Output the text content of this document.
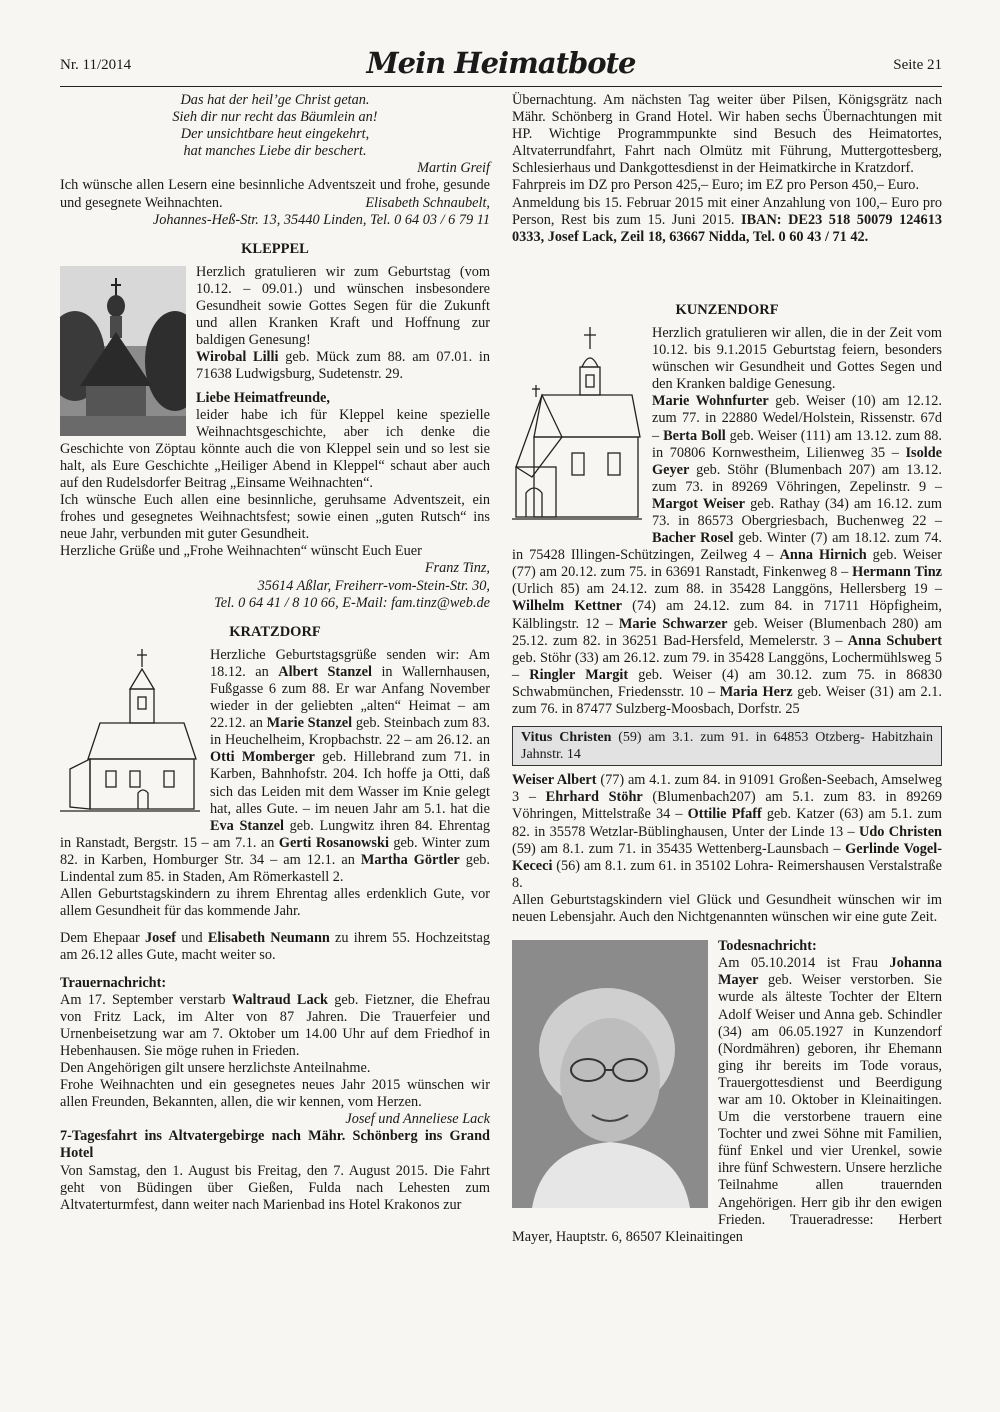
Nr. 11/2014	Mein Heimatbote	Seite 21

Das hat der heil’ge Christ getan.

Sieh dir nur recht das Bäumlein an!

Der unsichtbare heut eingekehrt,

hat manches Liebe dir beschert.

Martin Greif

Ich wünsche allen Lesern eine besinnliche Adventszeit und frohe, gesunde und gesegnete Weihnachten.	Elisabeth Schnaubelt,

Johannes-Heß-Str. 13, 35440 Linden, Tel. 0 64 03 / 6 79 11

KLEPPEL

Herzlich gratulieren wir zum Geburtstag (vom 10.12. – 09.01.) und wünschen insbesondere Gesundheit sowie Gottes Segen für die Zukunft und allen Kranken Kraft und Hoffnung zur baldigen Genesung!

Wirobal Lilli geb. Mück zum 88. am 07.01. in 71638 Ludwigsburg, Sudetenstr. 29.

Liebe Heimatfreunde,

leider habe ich für Kleppel keine spezielle Weihnachtsgeschichte, aber ich denke die Geschichte von Zöptau könnte auch die von Kleppel sein und so lest sie halt, als Eure Geschichte „Heiliger Abend in Kleppel“ schaut aber auch auf den Rudelsdorfer Beitrag „Einsame Weihnachten“.

Ich wünsche Euch allen eine besinnliche, geruhsame Adventszeit, ein frohes und gesegnetes Weihnachtsfest; sowie einen „guten Rutsch“ ins neue Jahr, verbunden mit guter Gesundheit.

Herzliche Grüße und „Frohe Weihnachten“ wünscht Euch Euer

Franz Tinz,

35614 Aßlar, Freiherr-vom-Stein-Str. 30,

Tel. 0 64 41 / 8 10 66, E-Mail: fam.tinz@web.de

KRATZDORF

Herzliche Geburtstagsgrüße senden wir: Am 18.12. an Albert Stanzel in Wallernhausen, Fußgasse 6 zum 88. Er war Anfang November wieder in der geliebten „alten“ Heimat – am 22.12. an Marie Stanzel geb. Steinbach zum 83. in Heuchelheim, Kropbachstr. 22 – am 26.12. an Otti Momberger geb. Hillebrand zum 71. in Karben, Bahnhofstr. 204. Ich hoffe ja Otti, daß sich das Leiden mit dem Wasser im Knie gelegt hat, alles Gute. – im neuen Jahr am 5.1. hat die Eva Stanzel geb. Lungwitz ihren 84. Ehrentag in Ranstadt, Bergstr. 15 – am 7.1. an Gerti Rosanowski geb. Winter zum 82. in Karben, Homburger Str. 34 – am 12.1. an Martha Görtler geb. Lindental zum 85. in Staden, Am Römerkastell 2.

Allen Geburtstagskindern zu ihrem Ehrentag alles erdenklich Gute, vor allem Gesundheit für das kommende Jahr.

Dem Ehepaar Josef und Elisabeth Neumann zu ihrem 55. Hochzeitstag am 26.12 alles Gute, macht weiter so.

Trauernachricht:

Am 17. September verstarb Waltraud Lack geb. Fietzner, die Ehefrau von Fritz Lack, im Alter von 87 Jahren. Die Trauerfeier und Urnenbeisetzung war am 7. Oktober um 14.00 Uhr auf dem Friedhof in Hebenhausen. Sie möge ruhen in Frieden.

Den Angehörigen gilt unsere herzlichste Anteilnahme.

Frohe Weihnachten und ein gesegnetes neues Jahr 2015 wünschen wir allen Freunden, Bekannten, allen, die wir kennen, vom Herzen.

Josef und Anneliese Lack

7-Tagesfahrt ins Altvatergebirge nach Mähr. Schönberg ins Grand Hotel

Von Samstag, den 1. August bis Freitag, den 7. August 2015. Die Fahrt geht von Büdingen über Gießen, Fulda nach Lehesten zum Altvaterturmfest, dann weiter nach Marienbad ins Hotel Krakonos zur

Übernachtung. Am nächsten Tag weiter über Pilsen, Königsgrätz nach Mähr. Schönberg in Grand Hotel. Wir haben sechs Übernachtungen mit HP. Wichtige Programmpunkte sind Besuch des Heimatortes, Altvaterrundfahrt, Fahrt nach Olmütz mit Führung, Muttergottesberg, Schlesierhaus und Dankgottesdienst in der Heimatkirche in Kratzdorf.

Fahrpreis im DZ pro Person 425,– Euro; im EZ pro Person 450,– Euro.

Anmeldung bis 15. Februar 2015 mit einer Anzahlung von 100,– Euro pro Person, Rest bis zum 15. Juni 2015. IBAN: DE23 518 50079 124613 0333, Josef Lack, Zeil 18, 63667 Nidda, Tel. 0 60 43 / 71 42.

KUNZENDORF

Herzlich gratulieren wir allen, die in der Zeit vom 10.12. bis 9.1.2015 Geburtstag feiern, besonders wünschen wir Gesundheit und Gottes Segen und den Kranken baldige Genesung.

Marie Wohnfurter geb. Weiser (10) am 12.12. zum 77. in 22880 Wedel/Holstein, Rissenstr. 67d – Berta Boll geb. Weiser (111) am 13.12. zum 88. in 70806 Kornwestheim, Lilienweg 35 – Isolde Geyer geb. Stöhr (Blumenbach 207) am 13.12. zum 73. in 89269 Vöhringen, Zepelinstr. 9 – Margot Weiser geb. Rathay (34) am 16.12. zum 73. in 86573 Obergriesbach, Buchenweg 22 – Bacher Rosel geb. Winter (7) am 18.12. zum 74. in 75428 Illingen-Schützingen, Zeilweg 4 – Anna Hirnich geb. Weiser (77) am 20.12. zum 75. in 63691 Ranstadt, Finkenweg 8 – Hermann Tinz (Urlich 85) am 24.12. zum 88. in 35428 Langgöns, Hellersberg 19 – Wilhelm Kettner (74) am 24.12. zum 84. in 71711 Höpfigheim, Kälblingstr. 12 – Marie Schwarzer geb. Weiser (Blumenbach 280) am 25.12. zum 82. in 36251 Bad-Hersfeld, Memelerstr. 3 – Anna Schubert geb. Stöhr (33) am 26.12. zum 79. in 35428 Langgöns, Lochermühlsweg 5 – Ringler Margit geb. Weiser (4) am 30.12. zum 75. in 86830 Schwabmünchen, Friedensstr. 10 – Maria Herz geb. Weiser (31) am 2.1. zum 76. in 87477 Sulzberg-Moosbach, Dorfstr. 25

Vitus Christen (59) am 3.1. zum 91. in 64853 Otzberg- Habitzhain Jahnstr. 14

Weiser Albert (77) am 4.1. zum 84. in 91091 Großen-Seebach, Amselweg 3 – Ehrhard Stöhr (Blumenbach207) am 5.1. zum 83. in 89269 Vöhringen, Mittelstraße 34 – Ottilie Pfaff geb. Katzer (63) am 5.1. zum 82. in 35578 Wetzlar-Büblinghausen, Unter der Linde 13 – Udo Christen (59) am 8.1. zum 71. in 35435 Wettenberg-Launsbach – Gerlinde Vogel-Kececi (56) am 8.1. zum 61. in 35102 Lohra- Reimershausen Verstalstraße 8.

Allen Geburtstagskindern viel Glück und Gesundheit wünschen wir im neuen Lebensjahr. Auch den Nichtgenannten wünschen wir eine gute Zeit.

Todesnachricht:

Am 05.10.2014 ist Frau Johanna Mayer geb. Weiser verstorben. Sie wurde als älteste Tochter der Eltern Adolf Weiser und Anna geb. Schindler (34) am 06.05.1927 in Kunzendorf (Nordmähren) geboren, ihr Ehemann ging ihr bereits im Tode voraus, Trauergottesdienst und Beerdigung war am 10. Oktober in Kleinaitingen. Um die verstorbene trauern eine Tochter und zwei Söhne mit Familien, fünf Enkel und vier Urenkel, sowie ihre fünf Schwestern. Unsere herzliche Teilnahme allen trauernden Angehörigen. Herr gib ihr den ewigen Frieden. Traueradresse: Herbert Mayer, Hauptstr. 6, 86507 Kleinaitingen
